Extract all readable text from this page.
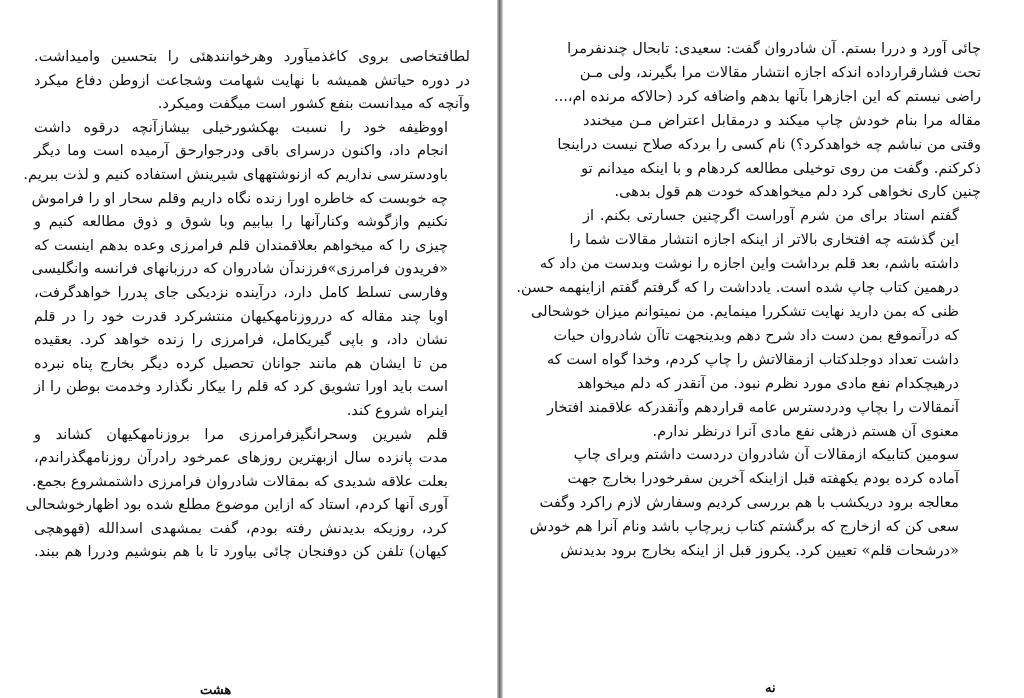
لطافتخاصی بروی کاغذمیآورد وهرخوانندهئی را بتحسین وامیداشت.
در دوره حیاتش همیشه با نهایت شهامت وشجاعت ازوطن دفاع میکرد
وآنچه که میدانست بنفع کشور است میگفت ومیکرد.

اووظیفه خود را نسبت بهکشورخیلی بیشازآنچه درقوه داشت
انجام داد، واکنون درسرای باقی ودرجوارحق آرمیده است وما دیگر
باودسترسی نداریم که ازنوشتههای شیرینش استفاده کنیم و لذت ببریم.
چه خوبست که خاطره اورا زنده نگاه داریم وقلم سحار او را فراموش
نکنیم وازگوشه وکنارآنها را بیابیم وبا شوق و ذوق مطالعه کنیم و
چیزی را که میخواهم بعلاقمندان قلم فرامرزی وعده بدهم اینست که
«فریدون فرامرزی»فرزندآن شادروان که درزبانهای فرانسه وانگلیسی
وفارسی تسلط کامل دارد، درآینده نزدیکی جای پدررا خواهدگرفت،
اوبا چند مقاله که درروزنامهکیهان منتشرکرد قدرت خود را در قلم
نشان داد، و باپی گیریکامل، فرامرزی را زنده خواهد کرد. بعقیده
من تا ایشان هم مانند جوانان تحصیل کرده دیگر بخارج پناه نبرده
است باید اورا تشویق کرد که قلم را بیکار نگذارد وخدمت بوطن را از
اینراه شروع کند.

قلم شیرین وسحرانگیزفرامرزی مرا بروزنامهکیهان کشاند و
مدت پانزده سال ازبهترین روزهای عمرخود رادرآن روزنامهگذراندم،
بعلت علاقه شدیدی که بمقالات شادروان فرامرزی داشتمشروع بجمع.
آوری آنها کردم، استاد که ازاین موضوع مطلع شده بود اظهارخوشحالی
کرد، روزیکه بدیدنش رفته بودم، گفت بمشهدی اسدالله (قهوهچی
کیهان) تلفن کن دوفنجان چائی بیاورد تا با هم بنوشیم ودررا هم ببند.

هشت

چائی آورد و دررا بستم. آن شادروان گفت: سعیدی: تابحال چندنفرمرا
تحت فشارقرارداده اندکه اجازه انتشار مقالات مرا بگیرند، ولی مـن
راضی نیستم که این اجازهرا بآنها بدهم واضافه کرد (حالاکه مرنده ام،...
مقاله مرا بنام خودش چاپ میکند و درمقابل اعتراض مـن میخندد
وقتی من نباشم چه خواهدکرد؟) نام کسی را بردکه صلاح نیست دراینجا
ذکرکنم. وگفت من روی توخیلی مطالعه کردهام و با اینکه میدانم تو
چنین کاری نخواهی کرد دلم میخواهدکه خودت هم قول بدهی.

گفتم استاد برای من شرم آوراست اگرچنین جسارتی بکنم. از
این گذشته چه افتخاری بالاتر از اینکه اجازه انتشار مقالات شما را
داشته باشم، بعد قلم برداشت واین اجازه را نوشت وبدست من داد که
درهمین کتاب چاپ شده است. یادداشت را که گرفتم گفتم ازاینهمه حسن.
ظنی که بمن دارید نهایت تشکررا مینمایم. من نمیتوانم میزان خوشحالی
که درآنموقع بمن دست داد شرح دهم وبدینجهت تاآن شادروان حیات
داشت تعداد دوجلدکتاب ازمقالاتش را چاپ کردم، وخدا گواه است که
درهیچکدام نفع مادی مورد نظرم نبود. من آنقدر که دلم میخواهد
آنمقالات را بچاپ ودردسترس عامه قراردهم وآنقدرکه علاقمند افتخار
معنوی آن هستم ذرهئی نفع مادی آنرا درنظر ندارم.

سومین کتابیکه ازمقالات آن شادروان دردست داشتم وبرای چاپ
آماده کرده بودم یکهفته قبل ازاینکه آخرین سفرخودرا بخارج جهت
معالجه برود دریکشب با هم بررسی کردیم وسفارش لازم راکرد وگفت
سعی کن که ازخارج که برگشتم کتاب زیرچاپ باشد ونام آنرا هم خودش
«درشحات قلم» تعیین کرد. یکروز قبل از اینکه بخارج برود بدیدنش

نه
